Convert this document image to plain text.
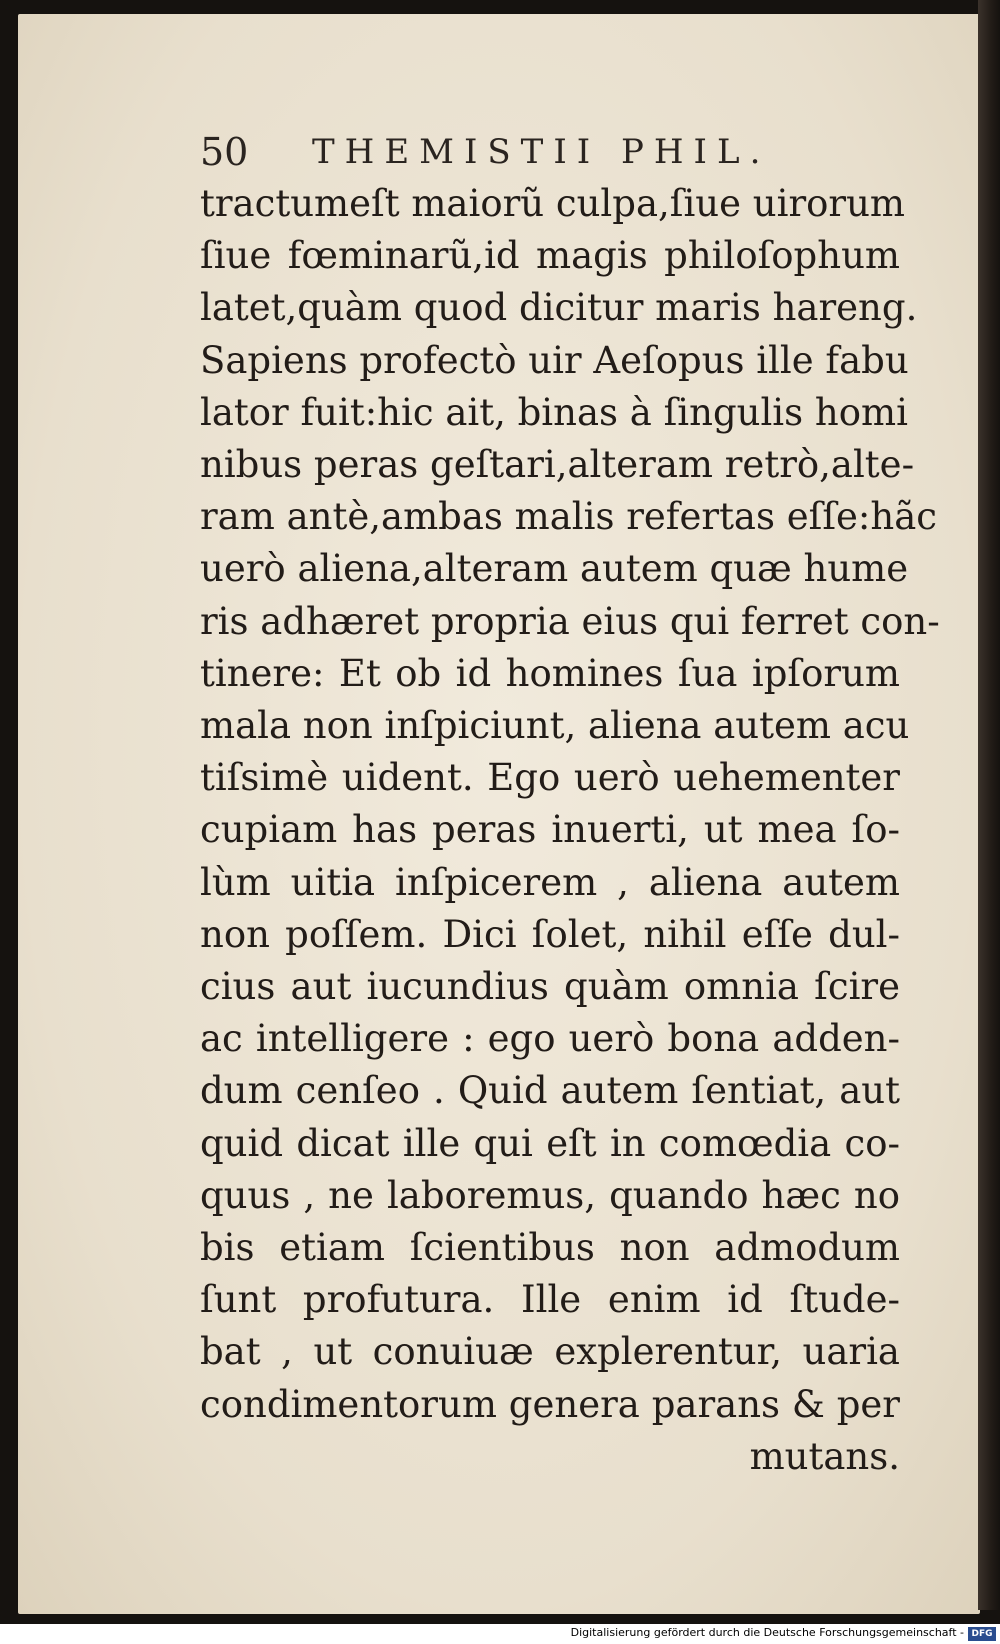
50 THEMISTII PHIL.
tractumeſt maiorũ culpa,ſiue uirorum
ſiue fœminarũ,id magis philoſophum
latet,quàm quod dicitur maris hareng.
Sapiens profectò uir Aeſopus ille fabu
lator fuit:hic ait, binas à ſingulis homi
nibus peras geſtari,alteram retrò,alte-
ram antè,ambas malis refertas eſſe:hãc
uerò aliena,alteram autem quæ hume
ris adhæret propria eius qui ferret con-
tinere: Et ob id homines ſua ipſorum
mala non inſpiciunt, aliena autem acu
tiſsimè uident. Ego uerò uehementer
cupiam has peras inuerti, ut mea ſo-
lùm uitia inſpicerem , aliena autem
non poſſem. Dici ſolet, nihil eſſe dul-
cius aut iucundius quàm omnia ſcire
ac intelligere : ego uerò bona adden-
dum cenſeo . Quid autem ſentiat, aut
quid dicat ille qui eſt in comœdia co-
quus , ne laboremus, quando hæc no
bis etiam ſcientibus non admodum
ſunt profutura. Ille enim id ſtude-
bat , ut conuiuæ explerentur, uaria
condimentorum genera parans & per
mutans.
Digitalisierung gefördert durch die Deutsche Forschungsgemeinschaft - DFG
